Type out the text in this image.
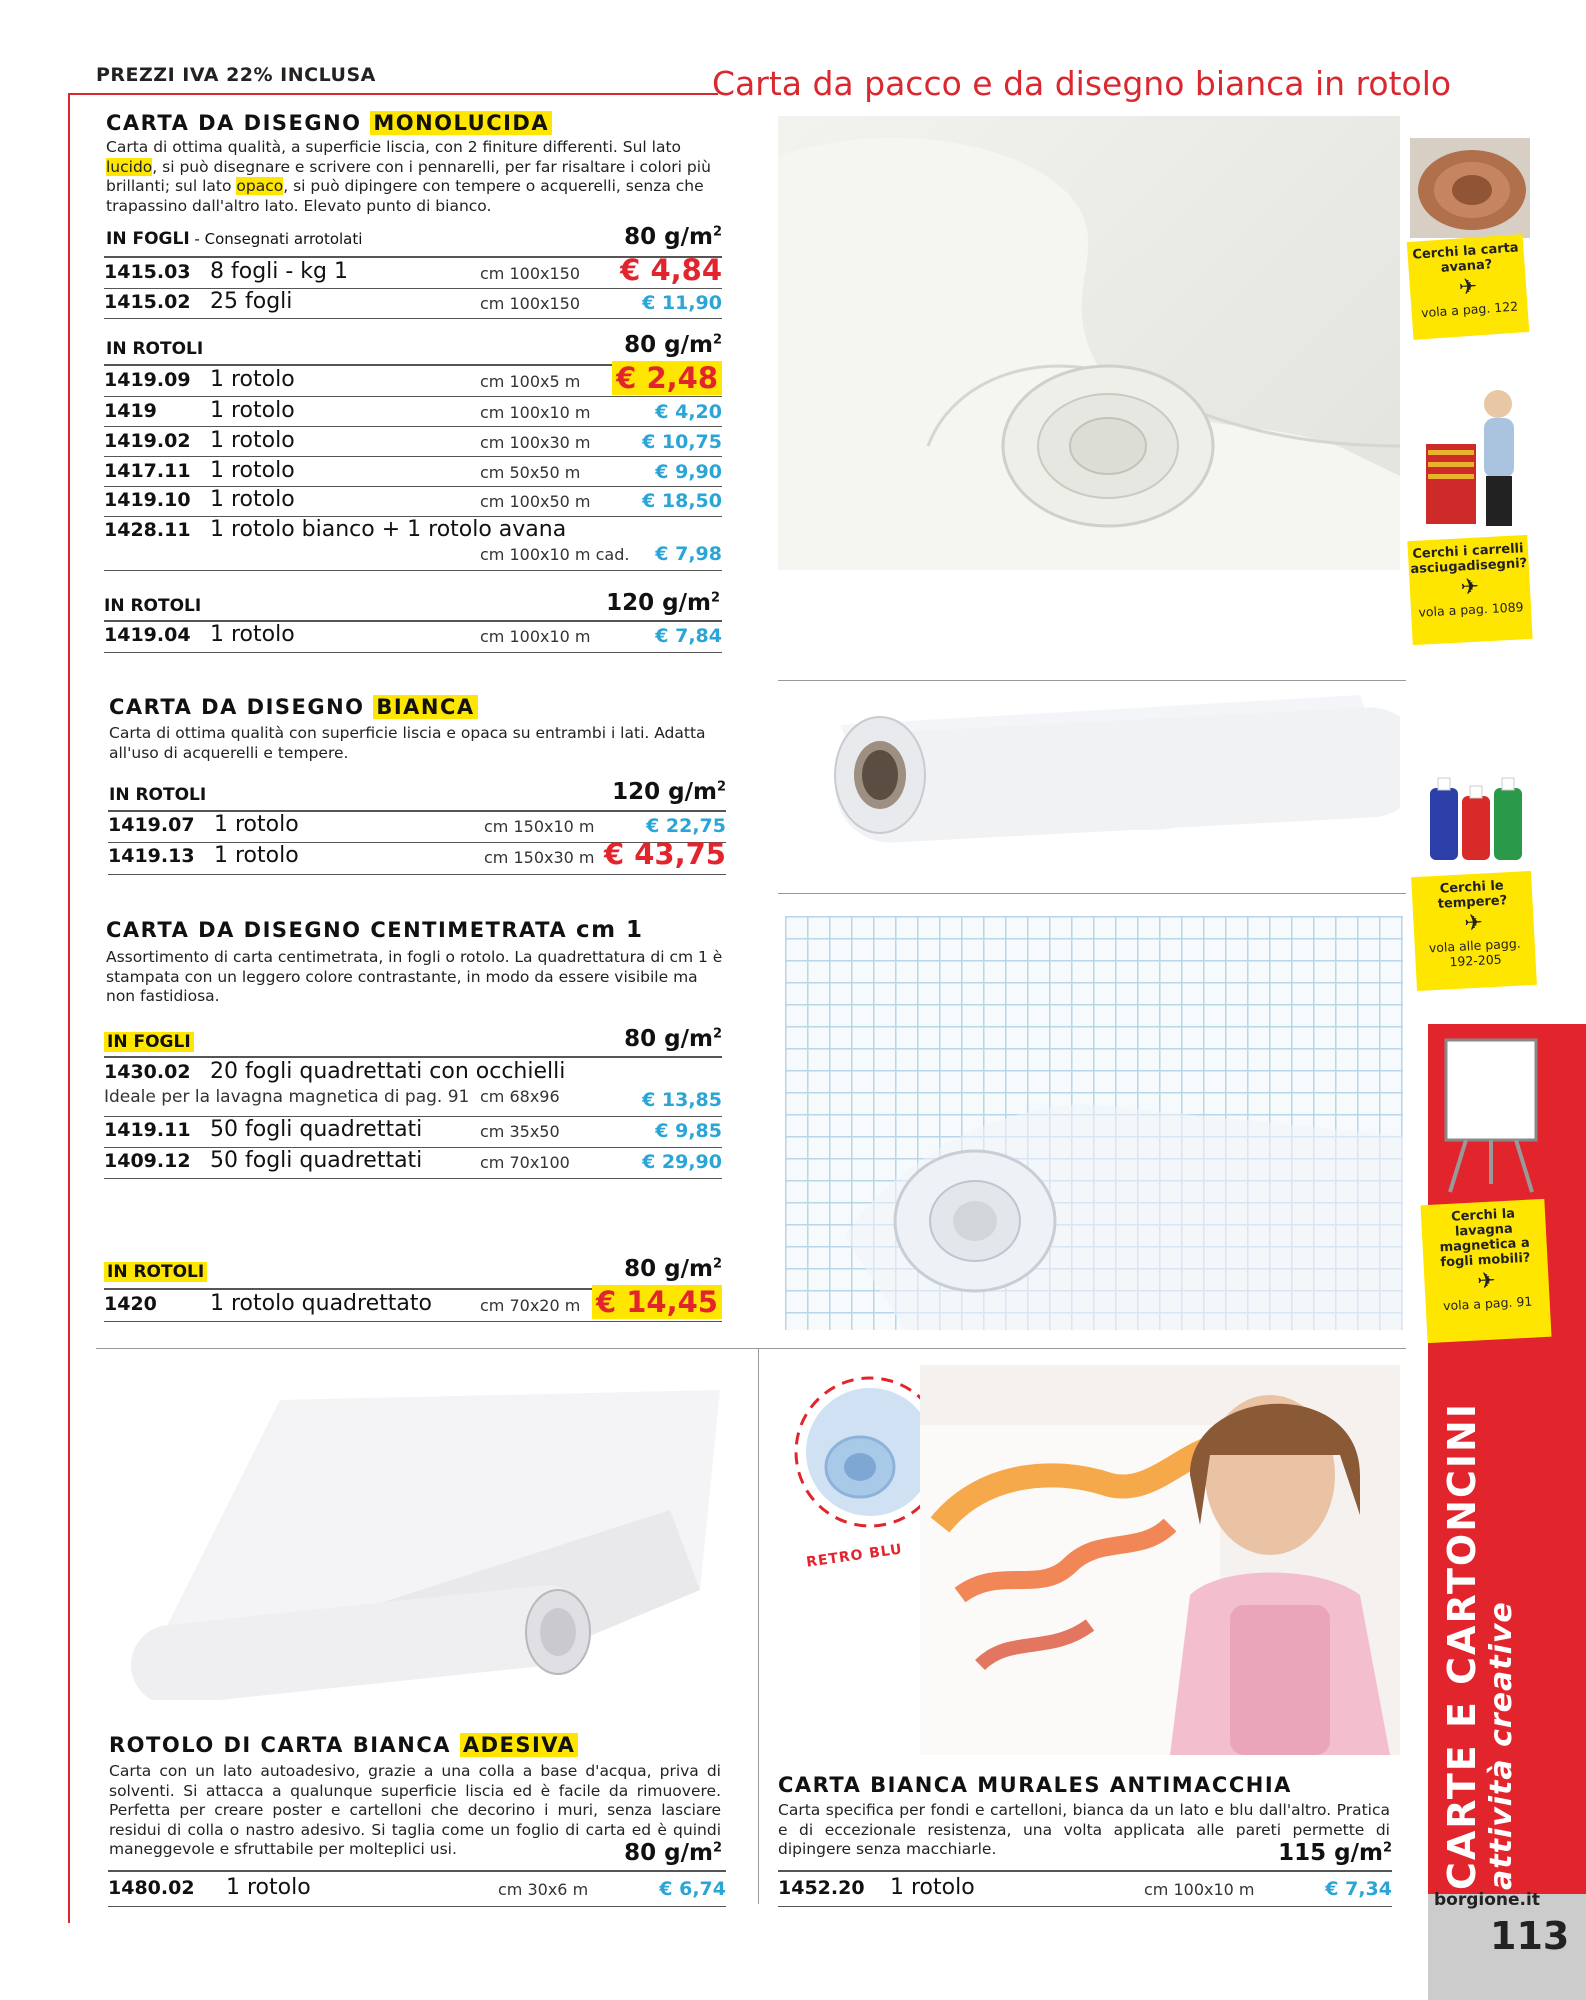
PREZZI IVA 22% INCLUSA	Carta da pacco e da disegno bianca in rotolo
CARTA DA DISEGNO MONOLUCIDA
Carta di ottima qualità, a superficie liscia, con 2 finiture differenti. Sul lato lucido, si può disegnare e scrivere con i pennarelli, per far risaltare i colori più brillanti; sul lato opaco, si può dipingere con tempere o acquerelli, senza che trapassino dall'altro lato. Elevato punto di bianco.
IN FOGLI - Consegnati arrotolati	80 $g/m^2$
1415.03 8 fogli - kg 1	cm 100x150 € 4,84
1415.02 25 fogli	cm 100x150	€ 11,90
IN ROTOLI	80 $g/m^2$
1419.09 1 rotolo	cm 100x5 m € 2,48
1419 1 rotolo	cm 100x10 m	€ 4,20
1419.02 1 rotolo	cm 100x30 m	€ 10,75
1417.11 1 rotolo	cm 50x50 m	€ 9,90
1419.10 1 rotolo	cm 100x50 m	€ 18,50
1428.11 1 rotolo bianco + 1 rotolo avana
cm 100x10 m cad. € 7,98
IN ROTOLI	120 $g/m^2$
1419.04 1 rotolo	cm 100x10 m	€ 7,84
CARTA DA DISEGNO BIANCA
Carta di ottima qualità con superficie liscia e opaca su entrambi i lati. Adatta all'uso di acquerelli e tempere.
IN ROTOLI	120 $g/m^2$
1419.07 1 rotolo	cm 150x10 m	€ 22,75
1419.13 1 rotolo	cm 150x30 m € 43,75
CARTA DA DISEGNO CENTIMETRATA cm 1
Assortimento di carta centimetrata, in fogli o rotolo. La quadrettatura di cm 1 è stampata con un leggero colore contrastante, in modo da essere visibile ma non fastidiosa.
IN FOGLI	80 $g/m^2$
1430.02 20 fogli quadrettati con occhielli
Ideale per la lavagna magnetica di pag. 91 cm 68x96	€ 13,85
1419.11 50 fogli quadrettati	cm 35x50	€ 9,85
1409.12 50 fogli quadrettati	cm 70x100	€ 29,90
IN ROTOLI	80 $g/m^2$
1420 1 rotolo quadrettato	cm 70x20 m € 14,45
ROTOLO DI CARTA BIANCA ADESIVA
Carta con un lato autoadesivo, grazie a una colla a base d'acqua, priva di solventi. Si attacca a qualunque superficie liscia ed è facile da rimuovere. Perfetta per creare poster e cartelloni che decorino i muri, senza lasciare residui di colla o nastro adesivo. Si taglia come un foglio di carta ed è quindi maneggevole e sfruttabile per molteplici usi.	80 $g/m^2$
1480.02 1 rotolo	cm 30x6 m	€ 6,74
RETRO BLU
CARTA BIANCA MURALES ANTIMACCHIA
Carta specifica per fondi e cartelloni, bianca da un lato e blu dall'altro. Pratica e di eccezionale resistenza, una volta applicata alle pareti permette di dipingere senza macchiarle.	115 $g/m^2$
1452.20 1 rotolo	cm 100x10 m	€ 7,34
Cerchi la carta avana?
✈
vola a pag. 122
Cerchi i carrelli asciugadisegni?
✈
vola a pag. 1089
Cerchi le tempere?
✈
vola alle pagg. 192-205
Cerchi la lavagna magnetica a fogli mobili?
✈
vola a pag. 91
CARTE E CARTONCINI attività creative
borgione.it
113
